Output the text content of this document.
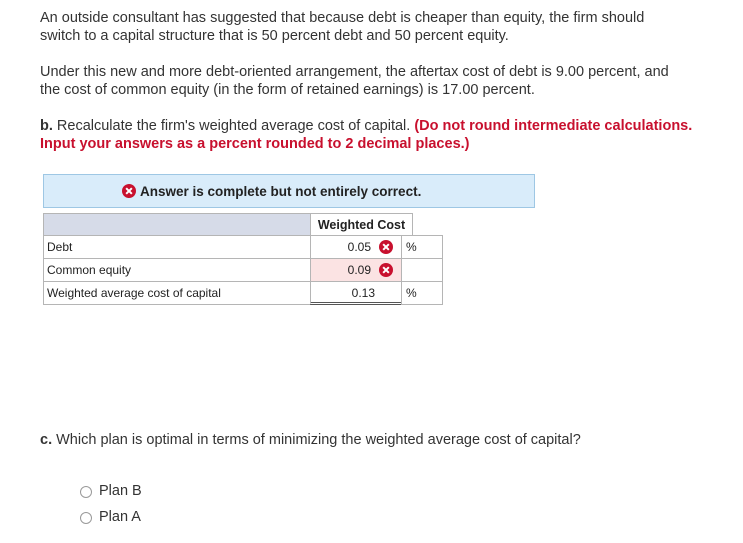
An outside consultant has suggested that because debt is cheaper than equity, the firm should
switch to a capital structure that is 50 percent debt and 50 percent equity.
Under this new and more debt-oriented arrangement, the aftertax cost of debt is 9.00 percent, and
the cost of common equity (in the form of retained earnings) is 17.00 percent.
b. Recalculate the firm's weighted average cost of capital. (Do not round intermediate calculations.
Input your answers as a percent rounded to 2 decimal places.)
Answer is complete but not entirely correct.
Weighted Cost
Debt	0.05	%
Common equity	0.09
Weighted average cost of capital	0.13	%
c. Which plan is optimal in terms of minimizing the weighted average cost of capital?
Plan B
Plan A
